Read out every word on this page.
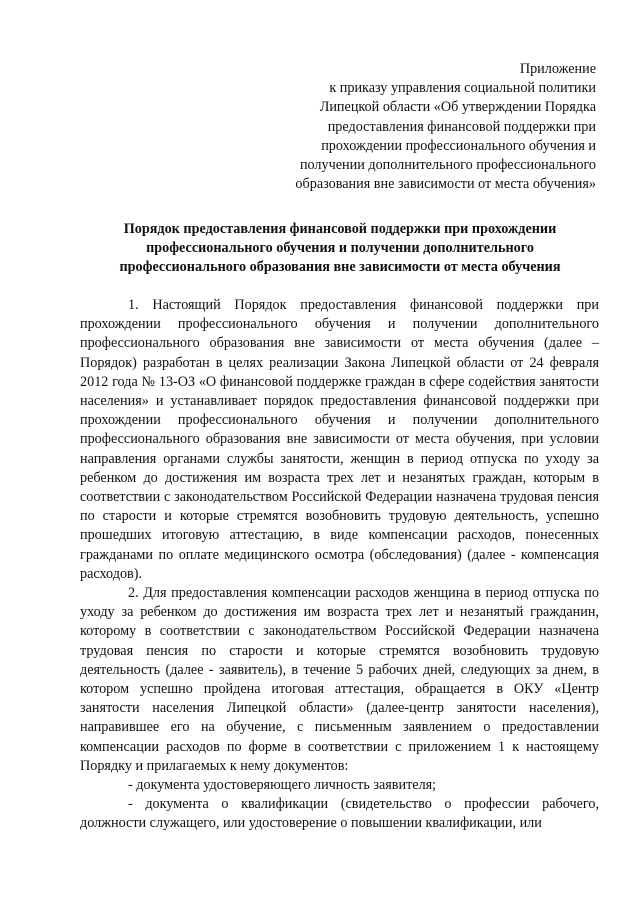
Приложение
к приказу управления социальной политики
Липецкой области «Об утверждении Порядка
предоставления финансовой поддержки при
прохождении профессионального обучения и
получении дополнительного профессионального
образования вне зависимости от места обучения»
Порядок предоставления финансовой поддержки при прохождении
профессионального обучения и получении дополнительного
профессионального образования вне зависимости от места обучения

1. Настоящий Порядок предоставления финансовой поддержки при прохождении профессионального обучения и получении дополнительного профессионального образования вне зависимости от места обучения (далее – Порядок) разработан в целях реализации Закона Липецкой области от 24 февраля 2012 года № 13-ОЗ «О финансовой поддержке граждан в сфере содействия занятости населения» и устанавливает порядок предоставления финансовой поддержки при прохождении профессионального обучения и получении дополнительного профессионального образования вне зависимости от места обучения, при условии направления органами службы занятости, женщин в период отпуска по уходу за ребенком до достижения им возраста трех лет и незанятых граждан, которым в соответствии с законодательством Российской Федерации назначена трудовая пенсия по старости и которые стремятся возобновить трудовую деятельность, успешно прошедших итоговую аттестацию, в виде компенсации расходов, понесенных гражданами по оплате медицинского осмотра (обследования) (далее - компенсация расходов).

2. Для предоставления компенсации расходов женщина в период отпуска по уходу за ребенком до достижения им возраста трех лет и незанятый гражданин, которому в соответствии с законодательством Российской Федерации назначена трудовая пенсия по старости и которые стремятся возобновить трудовую деятельность (далее - заявитель), в течение 5 рабочих дней, следующих за днем, в котором успешно пройдена итоговая аттестация, обращается в ОКУ «Центр занятости населения Липецкой области» (далее-центр занятости населения), направившее его на обучение, с письменным заявлением о предоставлении компенсации расходов по форме в соответствии с приложением 1 к настоящему Порядку и прилагаемых к нему документов:

- документа удостоверяющего личность заявителя;

- документа о квалификации (свидетельство о профессии рабочего, должности служащего, или удостоверение о повышении квалификации, или
